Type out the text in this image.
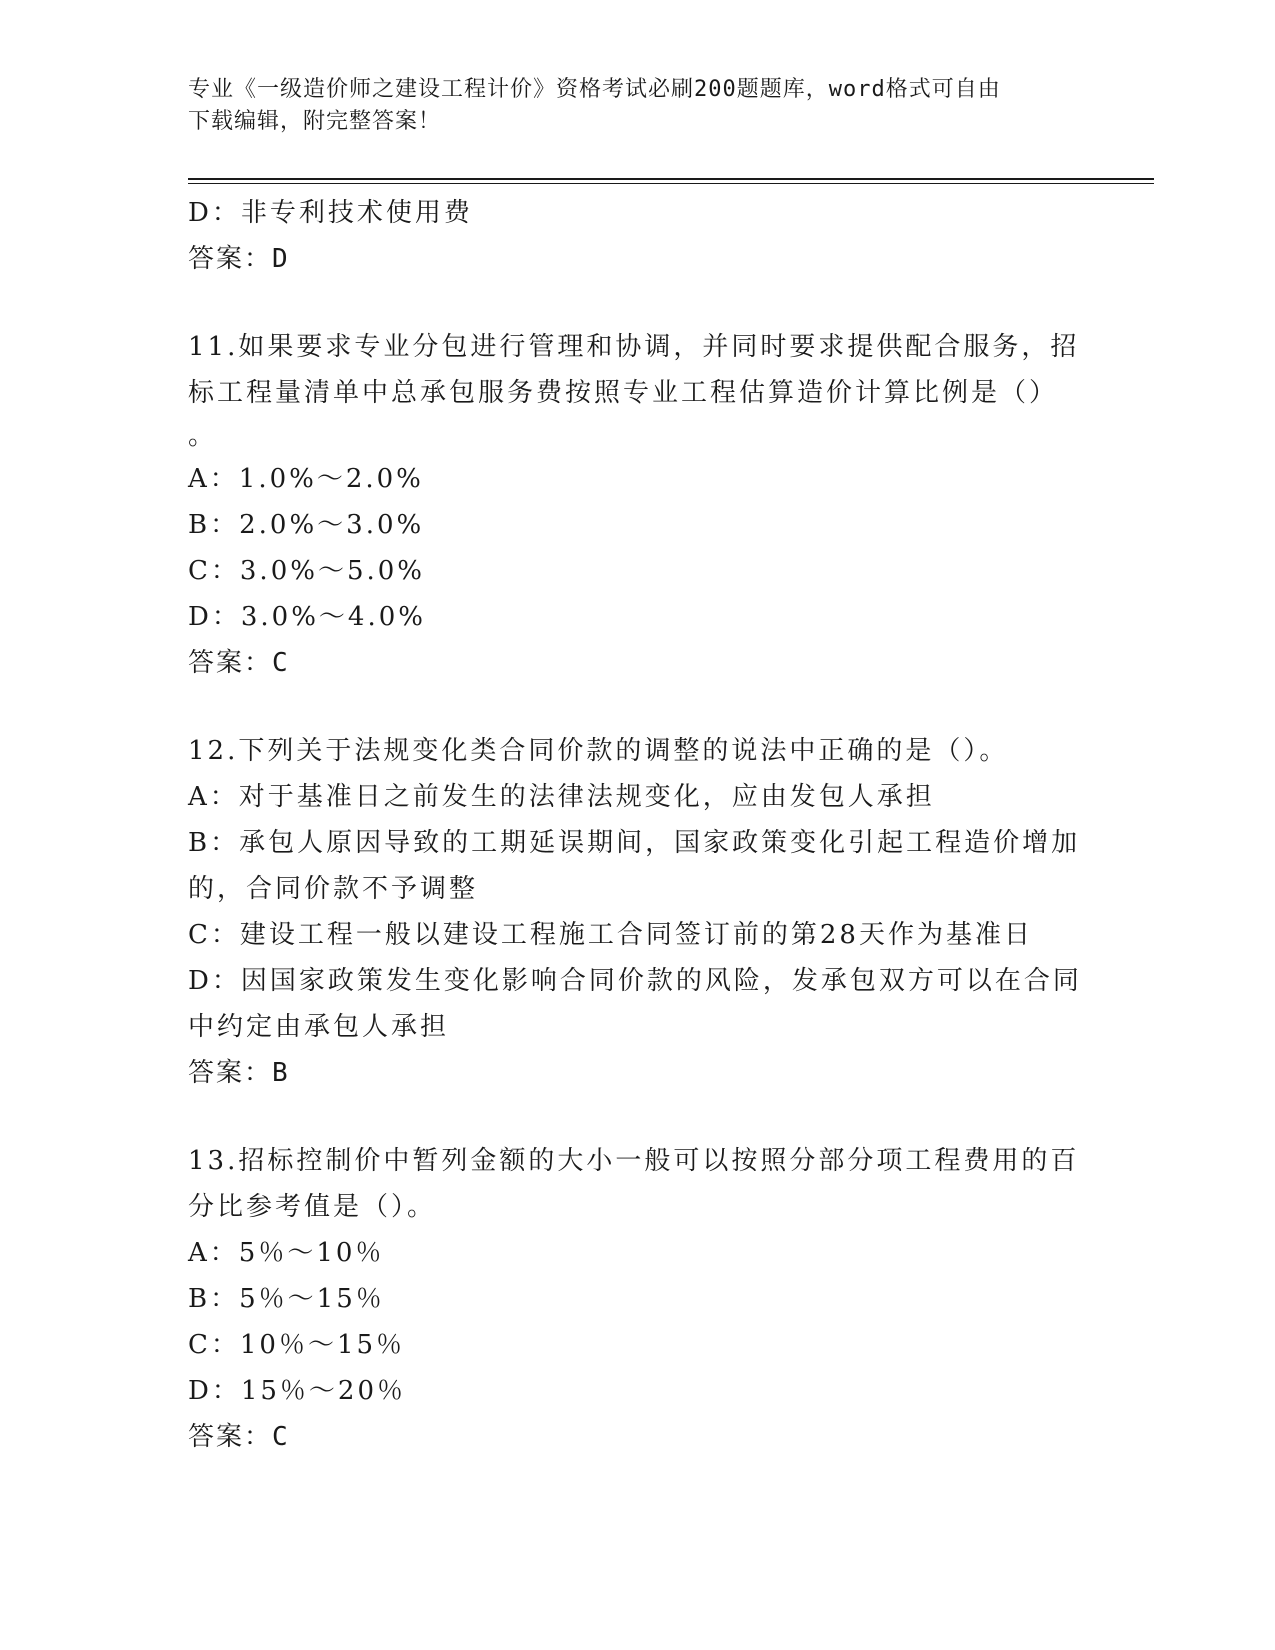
专业《一级造价师之建设工程计价》资格考试必刷200题题库，word格式可自由
下载编辑，附完整答案！
D：非专利技术使用费
答案：D
11.如果要求专业分包进行管理和协调，并同时要求提供配合服务，招
标工程量清单中总承包服务费按照专业工程估算造价计算比例是（）
。
A：1.0%～2.0%
B：2.0%～3.0%
C：3.0%～5.0%
D：3.0%～4.0%
答案：C
12.下列关于法规变化类合同价款的调整的说法中正确的是（）。
A：对于基准日之前发生的法律法规变化，应由发包人承担
B：承包人原因导致的工期延误期间，国家政策变化引起工程造价增加
的，合同价款不予调整
C：建设工程一般以建设工程施工合同签订前的第28天作为基准日
D：因国家政策发生变化影响合同价款的风险，发承包双方可以在合同
中约定由承包人承担
答案：B
13.招标控制价中暂列金额的大小一般可以按照分部分项工程费用的百
分比参考值是（）。
A：5％～10％
B：5％～15％
C：10％～15％
D：15％～20％
答案：C
